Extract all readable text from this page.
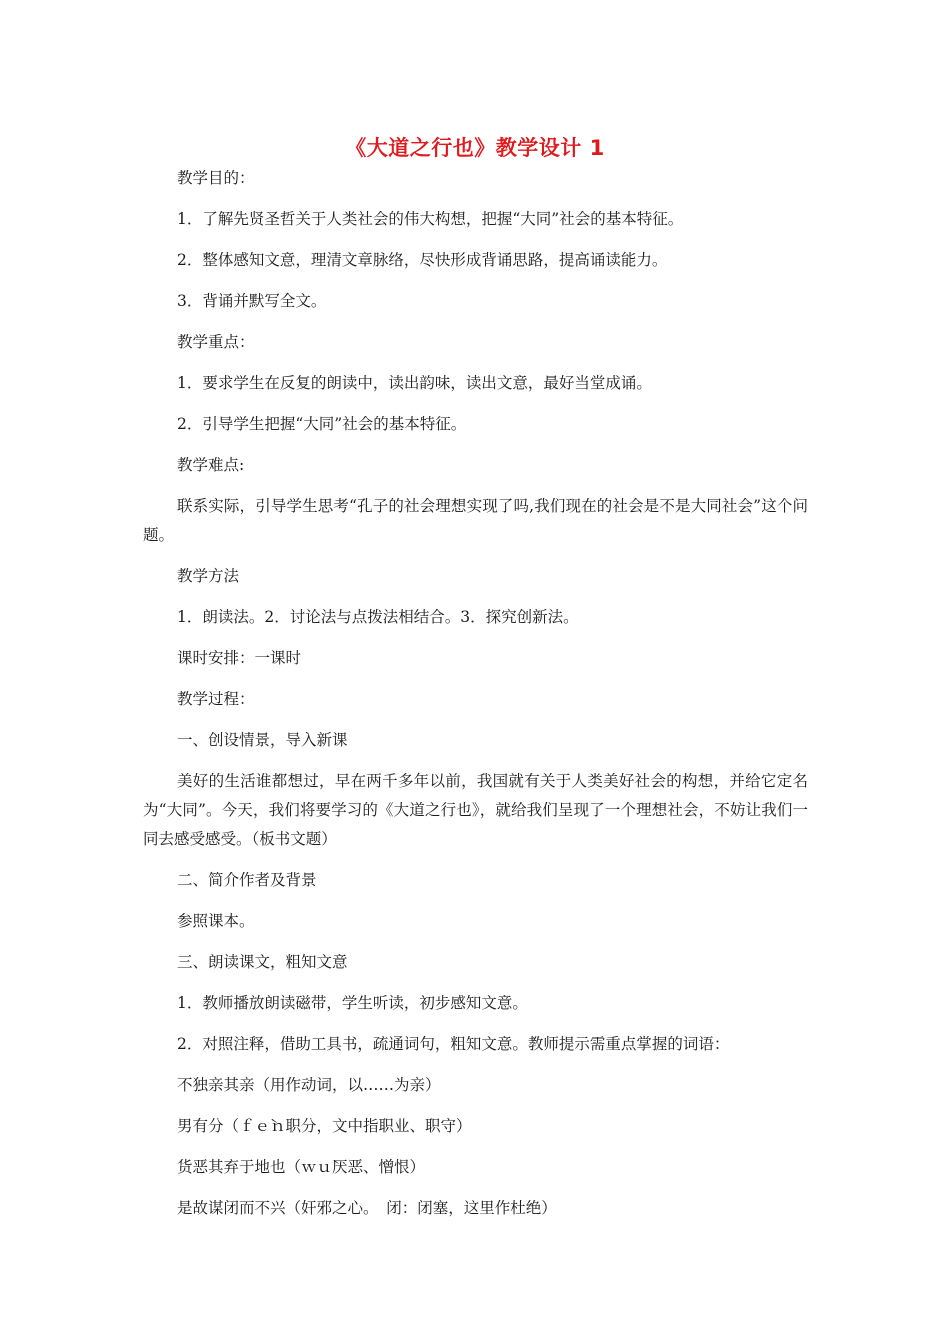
《大道之行也》教学设计 1

教学目的：

1．了解先贤圣哲关于人类社会的伟大构想，把握“大同”社会的基本特征。

2．整体感知文意，理清文章脉络，尽快形成背诵思路，提高诵读能力。

3．背诵并默写全文。

教学重点：

1．要求学生在反复的朗读中，读出韵味，读出文意，最好当堂成诵。

2．引导学生把握“大同”社会的基本特征。

教学难点:

联系实际，引导学生思考“孔子的社会理想实现了吗,我们现在的社会是不是大同社会”这个问题。

教学方法

1．朗读法。2．讨论法与点拨法相结合。3．探究创新法。

课时安排：一课时

教学过程：

一、创设情景，导入新课

美好的生活谁都想过，早在两千多年以前，我国就有关于人类美好社会的构想，并给它定名为“大同”。今天，我们将要学习的《大道之行也》，就给我们呈现了一个理想社会，不妨让我们一同去感受感受。（板书文题）

二、简介作者及背景

参照课本。

三、朗读课文，粗知文意

1．教师播放朗读磁带，学生听读，初步感知文意。

2．对照注释，借助工具书，疏通词句，粗知文意。教师提示需重点掌握的词语：

不独亲其亲（用作动词，以……为亲）

男有分（ｆｅ̀ｎ职分，文中指职业、职守）

货恶其弃于地也（ｗｕ̀厌恶、憎恨）

是故谋闭而不兴（奸邪之心。　闭：闭塞，这里作杜绝）
